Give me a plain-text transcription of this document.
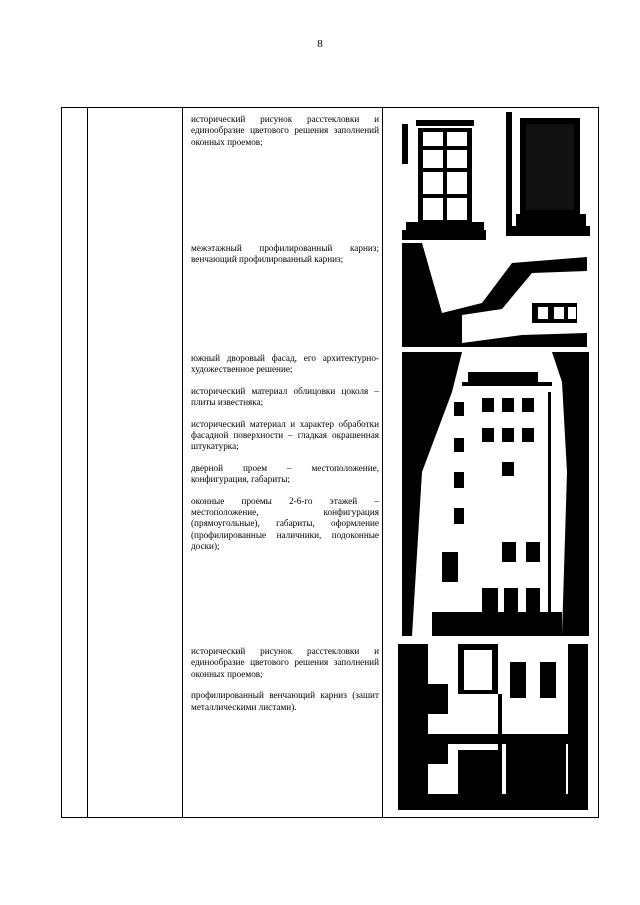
8

исторический рисунок расстекловки и единообразие цветового решения заполнений оконных проемов;

межэтажный профилированный карниз; венчающий профилированный карниз;

южный дворовый фасад, его архитектурно-художественное решение;

исторический материал облицовки цоколя – плиты известняка;

исторический материал и характер обработки фасадной поверхности – гладкая окрашенная штукатурка;

дверной проем – местоположение, конфигурация, габариты;

оконные проемы 2-6-го этажей – местоположение, конфигурация (прямоугольные), габариты, оформление (профилированные наличники, подоконные доски);

исторический рисунок расстекловки и единообразие цветового решения заполнений оконных проемов;

профилированный венчающий карниз (зашит металлическими листами).
